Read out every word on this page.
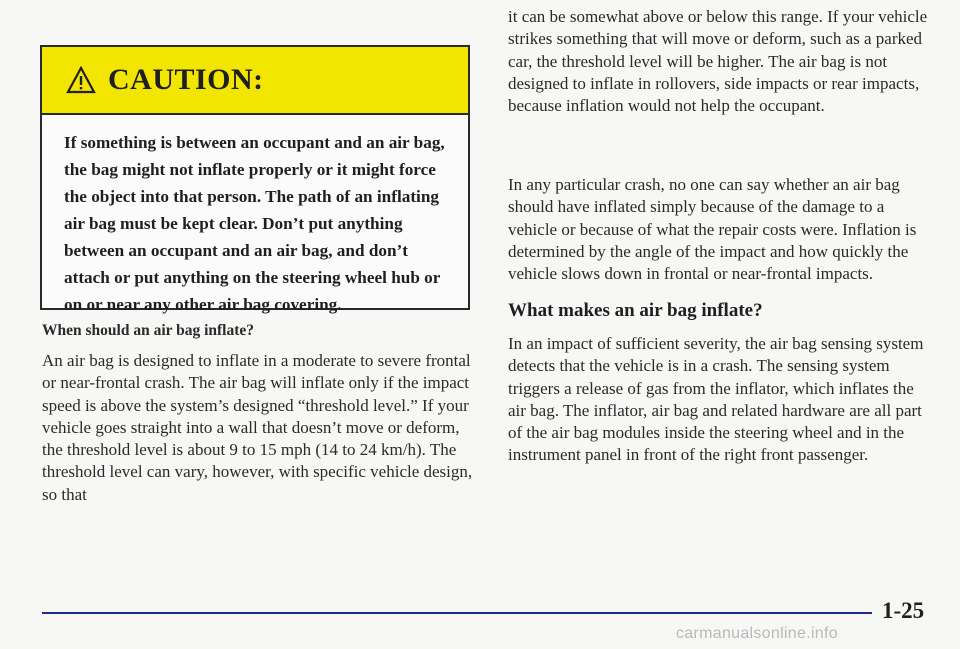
CAUTION:
If something is between an occupant and an air bag, the bag might not inflate properly or it might force the object into that person. The path of an inflating air bag must be kept clear. Don’t put anything between an occupant and an air bag, and don’t attach or put anything on the steering wheel hub or on or near any other air bag covering.
When should an air bag inflate?
An air bag is designed to inflate in a moderate to severe frontal or near-frontal crash. The air bag will inflate only if the impact speed is above the system’s designed “threshold level.” If your vehicle goes straight into a wall that doesn’t move or deform, the threshold level is about 9 to 15 mph (14 to 24 km/h). The threshold level can vary, however, with specific vehicle design, so that

it can be somewhat above or below this range. If your vehicle strikes something that will move or deform, such as a parked car, the threshold level will be higher. The air bag is not designed to inflate in rollovers, side impacts or rear impacts, because inflation would not help the occupant.

In any particular crash, no one can say whether an air bag should have inflated simply because of the damage to a vehicle or because of what the repair costs were. Inflation is determined by the angle of the impact and how quickly the vehicle slows down in frontal or near-frontal impacts.

What makes an air bag inflate?

In an impact of sufficient severity, the air bag sensing system detects that the vehicle is in a crash. The sensing system triggers a release of gas from the inflator, which inflates the air bag. The inflator, air bag and related hardware are all part of the air bag modules inside the steering wheel and in the instrument panel in front of the right front passenger.

1-25
carmanualsonline.info
